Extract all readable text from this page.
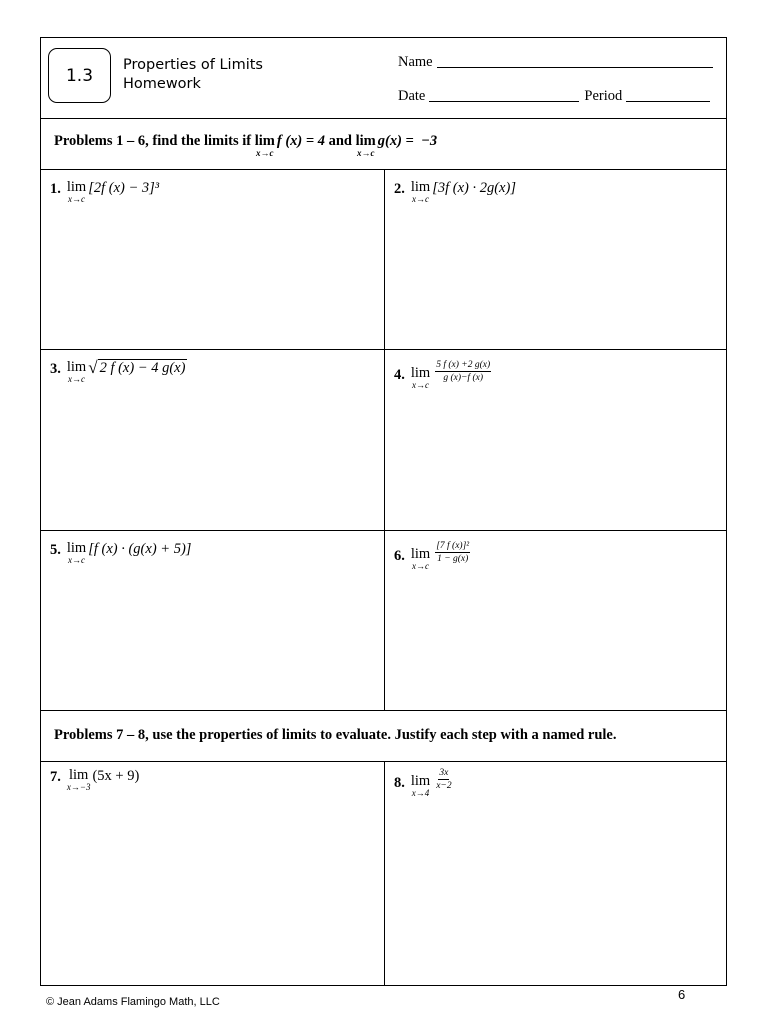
1.3
Properties of Limits
Homework
Name
Date	Period
Problems 1 – 6, find the limits if lim
x→c
f (x) = 4 and lim
x→c
g(x) =  −3
1. lim
x→c
[2f (x) − 3]³	2. lim
x→c
[3f (x) · 2g(x)]
3. lim
x→c
√ 2 f (x) − 4 g(x)	4. lim
x→c
$\frac{5 f (x) +2 g(x)}{g (x)-f (x)}$
5. lim
x→c
[f (x) · (g(x) + 5)]	6. lim
x→c
$\frac{\text{[7 f (x)]²}}{1 - g(x)}$
Problems 7 – 8, use the properties of limits to evaluate. Justify each step with a named rule.
7. lim
x→−3
(5x + 9)	8. lim
x→4
$\frac{3x}{x-2}$
© Jean Adams Flamingo Math, LLC	6
